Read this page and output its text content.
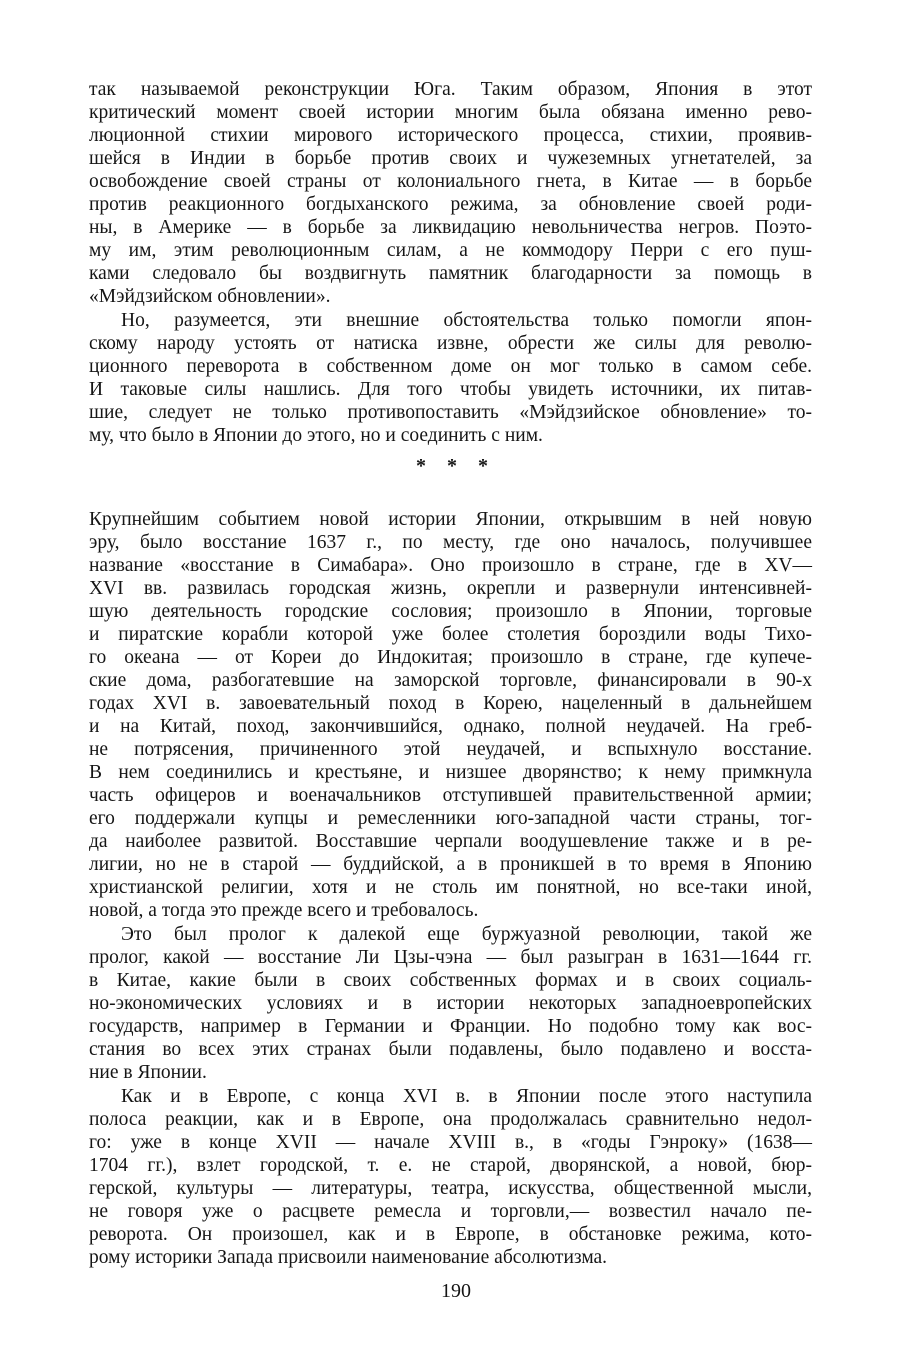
так называемой реконструкции Юга. Таким образом, Япония в этот
критический момент своей истории многим была обязана именно рево-
люционной стихии мирового исторического процесса, стихии, проявив-
шейся в Индии в борьбе против своих и чужеземных угнетателей, за
освобождение своей страны от колониального гнета, в Китае — в борьбе
против реакционного богдыханского режима, за обновление своей роди-
ны, в Америке — в борьбе за ликвидацию невольничества негров. Поэто-
му им, этим революционным силам, а не коммодору Перри с его пуш-
ками следовало бы воздвигнуть памятник благодарности за помощь в
«Мэйдзийском обновлении».
Но, разумеется, эти внешние обстоятельства только помогли япон-
скому народу устоять от натиска извне, обрести же силы для револю-
ционного переворота в собственном доме он мог только в самом себе.
И таковые силы нашлись. Для того чтобы увидеть источники, их питав-
шие, следует не только противопоставить «Мэйдзийское обновление» то-
му, что было в Японии до этого, но и соединить с ним.
* * *
Крупнейшим событием новой истории Японии, открывшим в ней новую
эру, было восстание 1637 г., по месту, где оно началось, получившее
название «восстание в Симабара». Оно произошло в стране, где в XV—
XVI вв. развилась городская жизнь, окрепли и развернули интенсивней-
шую деятельность городские сословия; произошло в Японии, торговые
и пиратские корабли которой уже более столетия бороздили воды Тихо-
го океана — от Кореи до Индокитая; произошло в стране, где купече-
ские дома, разбогатевшие на заморской торговле, финансировали в 90-х
годах XVI в. завоевательный поход в Корею, нацеленный в дальнейшем
и на Китай, поход, закончившийся, однако, полной неудачей. На греб-
не потрясения, причиненного этой неудачей, и вспыхнуло восстание.
В нем соединились и крестьяне, и низшее дворянство; к нему примкнула
часть офицеров и военачальников отступившей правительственной армии;
его поддержали купцы и ремесленники юго-западной части страны, тог-
да наиболее развитой. Восставшие черпали воодушевление также и в ре-
лигии, но не в старой — буддийской, а в проникшей в то время в Японию
христианской религии, хотя и не столь им понятной, но все-таки иной,
новой, а тогда это прежде всего и требовалось.
Это был пролог к далекой еще буржуазной революции, такой же
пролог, какой — восстание Ли Цзы-чэна — был разыгран в 1631—1644 гг.
в Китае, какие были в своих собственных формах и в своих социаль-
но-экономических условиях и в истории некоторых западноевропейских
государств, например в Германии и Франции. Но подобно тому как вос-
стания во всех этих странах были подавлены, было подавлено и восста-
ние в Японии.
Как и в Европе, с конца XVI в. в Японии после этого наступила
полоса реакции, как и в Европе, она продолжалась сравнительно недол-
го: уже в конце XVII — начале XVIII в., в «годы Гэнроку» (1638—
1704 гг.), взлет городской, т. е. не старой, дворянской, а новой, бюр-
герской, культуры — литературы, театра, искусства, общественной мысли,
не говоря уже о расцвете ремесла и торговли,— возвестил начало пе-
реворота. Он произошел, как и в Европе, в обстановке режима, кото-
рому историки Запада присвоили наименование абсолютизма.
190
